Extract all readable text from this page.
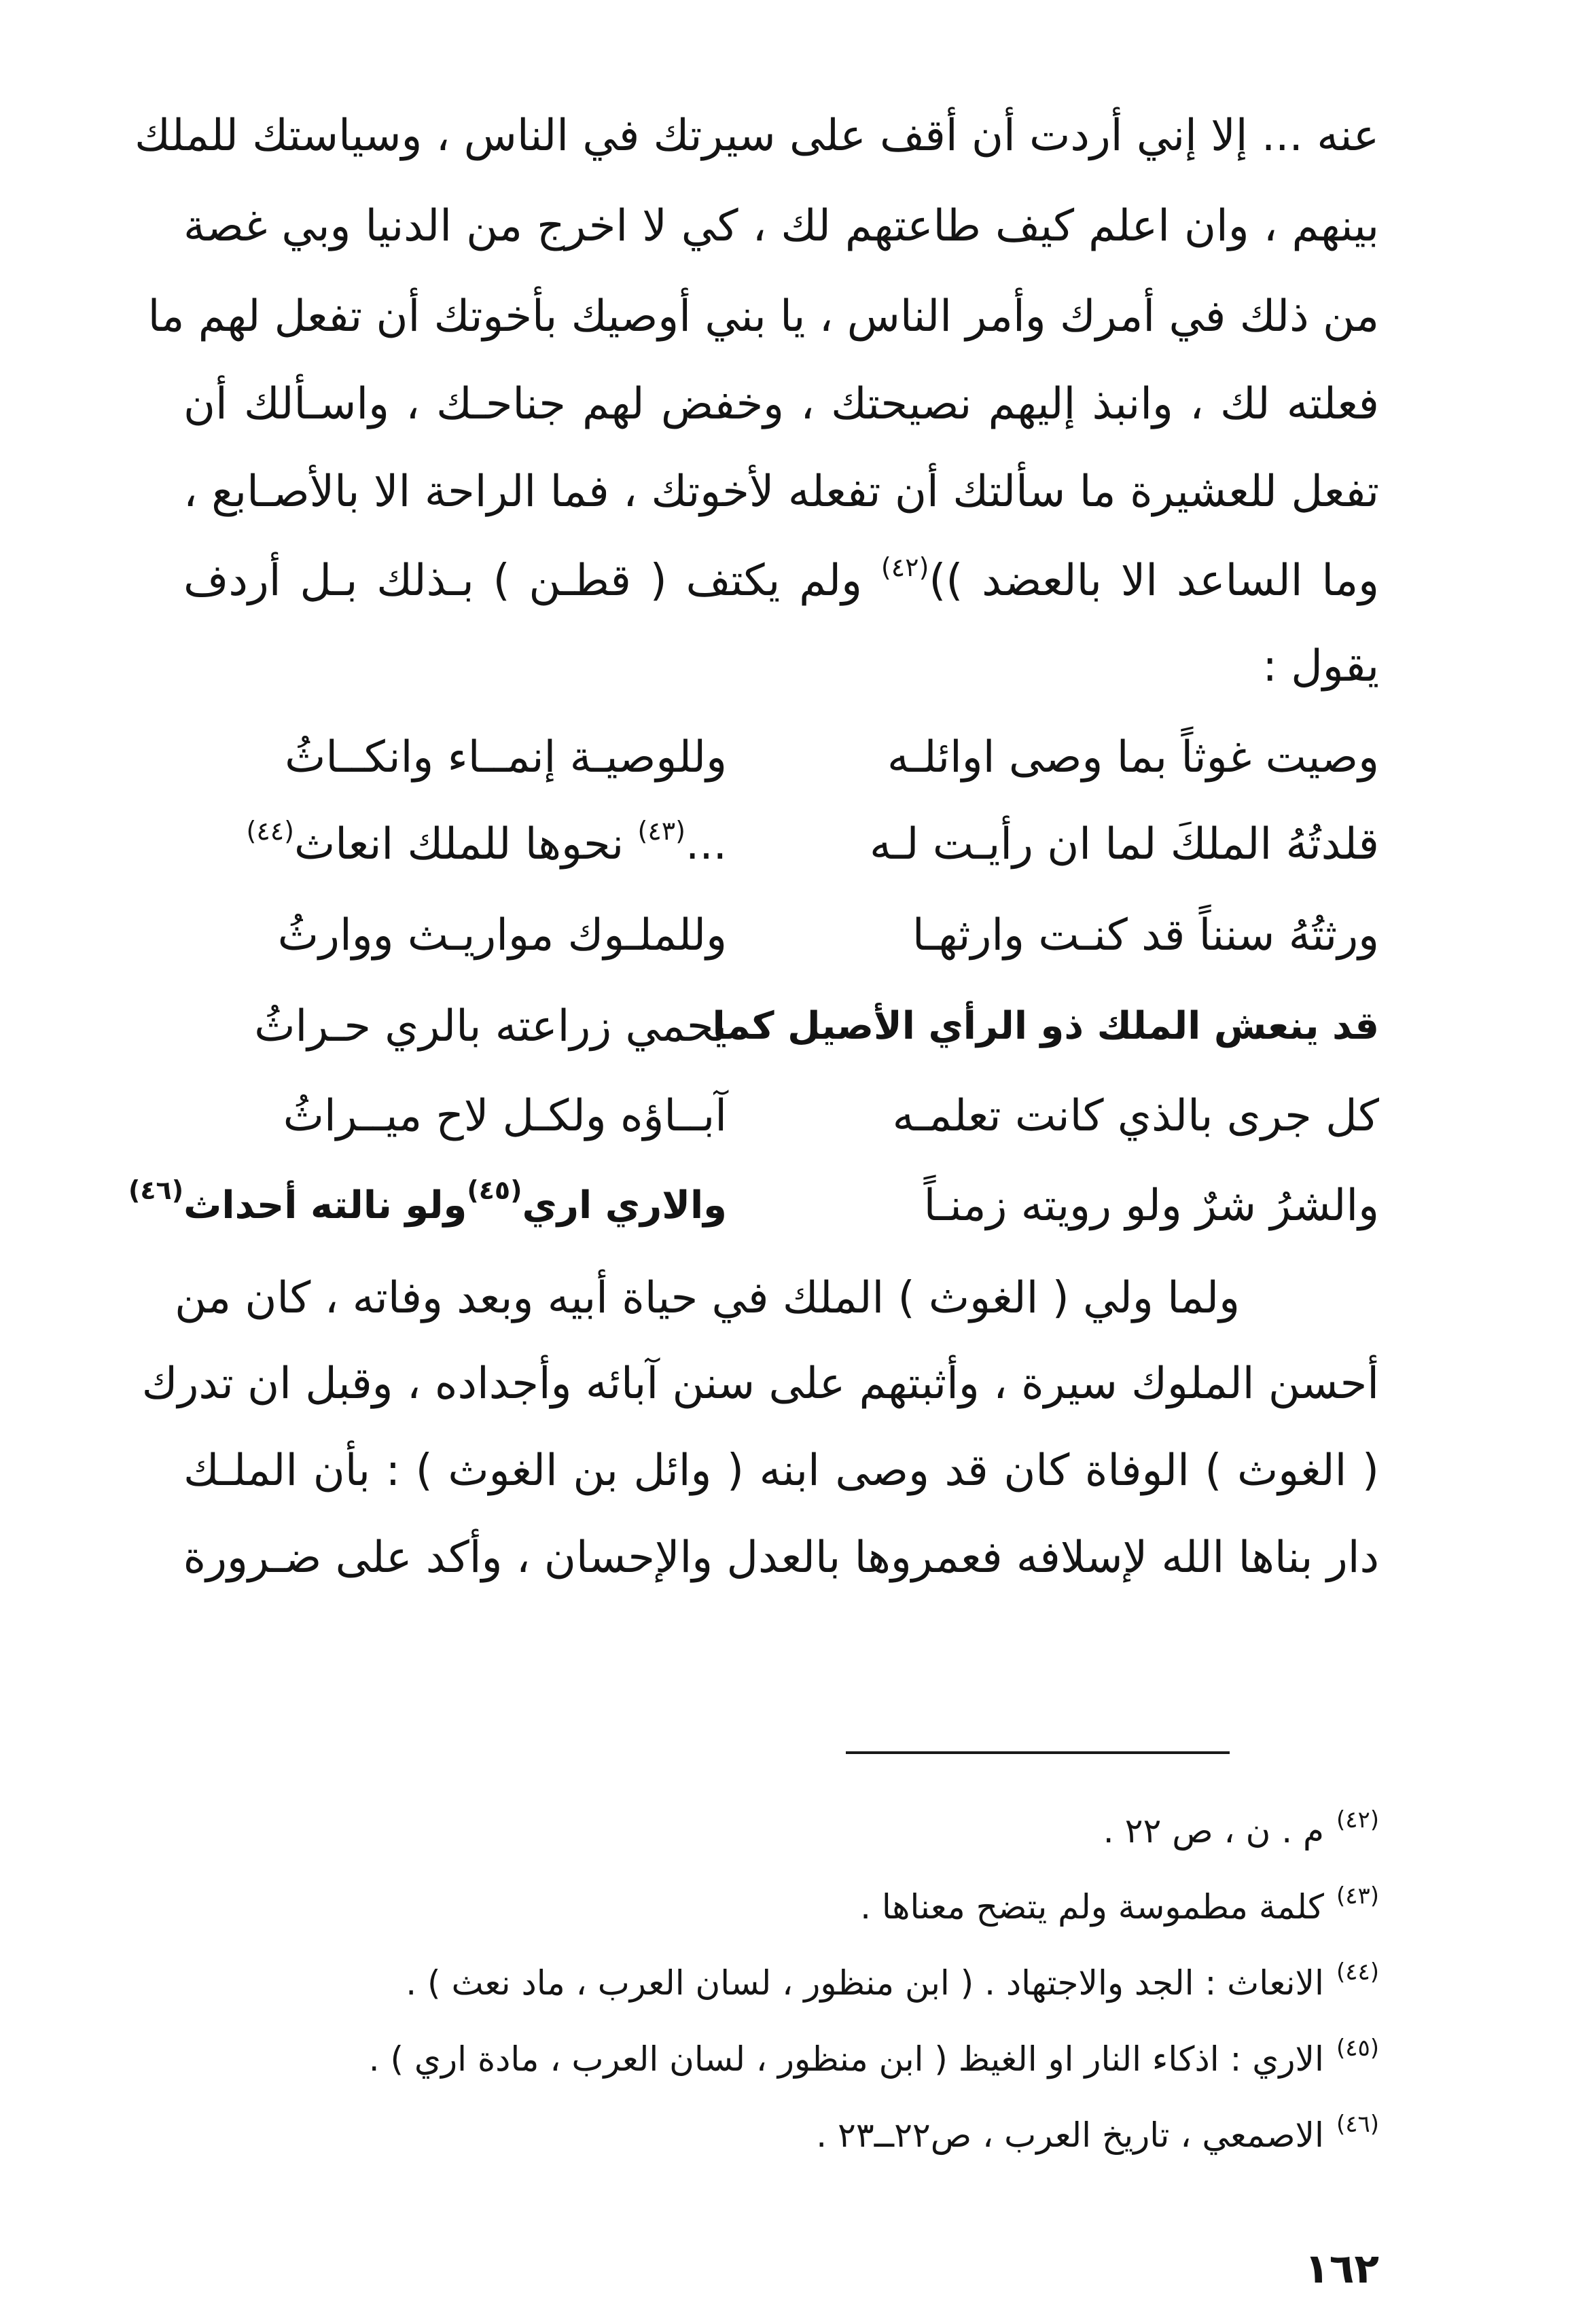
عنه ... إلا إني أردت أن أقف على سيرتك في الناس ، وسياستك للملك
بينهم ، وان اعلم كيف طاعتهم لك ، كي لا اخرج من الدنيا وبي غصة
من ذلك في أمرك وأمر الناس ، يا بني أوصيك بأخوتك أن تفعل لهم ما
فعلته لك ، وانبذ إليهم نصيحتك ، وخفض لهم جناحـك ، واسـألك أن
تفعل للعشيرة ما سألتك أن تفعله لأخوتك ، فما الراحة الا بالأصـابع ،
وما الساعد الا بالعضد ))$^{(٤٢)}$ ولم يكتف ( قطـن ) بـذلك بـل أردف
يقول :
وصيت غوثاً بما وصى اوائلـه
وللوصيـة إنمــاء وانكــاثُ
قلدتُهُ الملكَ لما ان رأيـت لـه
...$^{(٤٣)}$ نحوها للملك انعاث$^{(٤٤)}$
ورثتُهُ سنناً قد كنـت وارثهـا
وللملـوك مواريـث ووارثُ
قد ينعش الملك ذو الرأي الأصيل كما
يحمي زراعته بالري حـراثُ
كل جرى بالذي كانت تعلمـه
آبــاؤه ولكـل لاح ميــراثُ
والشرُ شرٌ ولو رويته زمنـاً
والاري اري$^{(٤٥)}$ولو نالته أحداث$^{(٤٦)}$
ولما ولي ( الغوث ) الملك في حياة أبيه وبعد وفاته ، كان من
أحسن الملوك سيرة ، وأثبتهم على سنن آبائه وأجداده ، وقبل ان تدرك
( الغوث ) الوفاة كان قد وصى ابنه ( وائل بن الغوث ) : بأن الملـك
دار بناها الله لإسلافه فعمروها بالعدل والإحسان ، وأكد على ضـرورة
$^{(٤٢)}$م . ن ، ص ٢٢ .
$^{(٤٣)}$كلمة مطموسة ولم يتضح معناها .
$^{(٤٤)}$الانعاث : الجد والاجتهاد . ( ابن منظور ، لسان العرب ، ماد نعث ) .
$^{(٤٥)}$الاري : اذكاء النار او الغيظ ( ابن منظور ، لسان العرب ، مادة اري ) .
$^{(٤٦)}$الاصمعي ، تاريخ العرب ، ص٢٢ــ٢٣ .
١٦٢
